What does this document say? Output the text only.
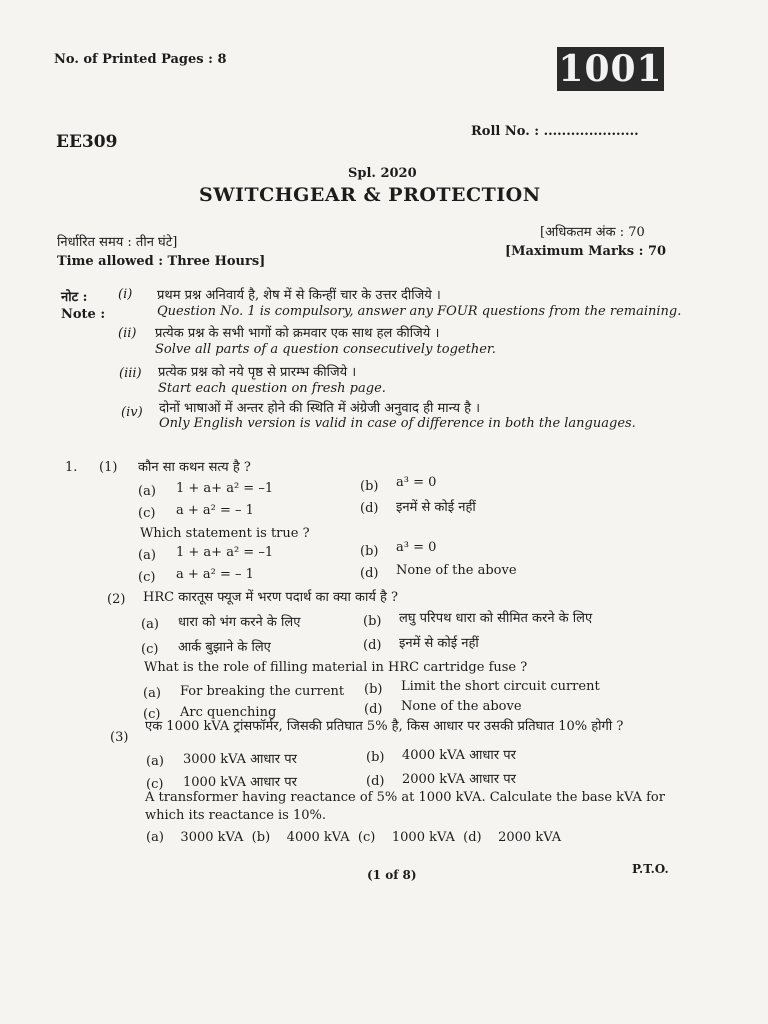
No. of Printed Pages : 8	1001
EE309
Roll No. : .....................
Spl. 2020
SWITCHGEAR & PROTECTION
निर्धारित समय : तीन घंटे]
Time allowed : Three Hours]
[अधिकतम अंक : 70
[Maximum Marks : 70
नोट :
Note :
(i) प्रथम प्रश्न अनिवार्य है, शेष में से किन्हीं चार के उत्तर दीजिये ।
Question No. 1 is compulsory, answer any FOUR questions from the remaining.
(ii) प्रत्येक प्रश्न के सभी भागों को क्रमवार एक साथ हल कीजिये ।
Solve all parts of a question consecutively together.
(iii) प्रत्येक प्रश्न को नये पृष्ठ से प्रारम्भ कीजिये ।
Start each question on fresh page.
(iv) दोनों भाषाओं में अन्तर होने की स्थिति में अंग्रेजी अनुवाद ही मान्य है ।
Only English version is valid in case of difference in both the languages.
1. (1) कौन सा कथन सत्य है ?
(a) 1 + a+ a² = –1	(b) a³ = 0
(c) a + a² = – 1	(d) इनमें से कोई नहीं
Which statement is true ?
(a) 1 + a+ a² = –1	(b) a³ = 0
(c) a + a² = – 1	(d) None of the above
(2) HRC कारतूस फ्यूज में भरण पदार्थ का क्या कार्य है ?
(a) धारा को भंग करने के लिए	(b) लघु परिपथ धारा को सीमित करने के लिए
(c) आर्क बुझाने के लिए	(d) इनमें से कोई नहीं
What is the role of filling material in HRC cartridge fuse ?
(a) For breaking the current (b) Limit the short circuit current
(c) Arc quenching	(d) None of the above
(3)
एक 1000 kVA ट्रांसफॉर्मर, जिसकी प्रतिघात 5% है, किस आधार पर उसकी प्रतिघात 10% होगी ?
(a) 3000 kVA आधार पर	(b) 4000 kVA आधार पर
(c) 1000 kVA आधार पर	(d) 2000 kVA आधार पर
A transformer having reactance of 5% at 1000 kVA. Calculate the base kVA for
which its reactance is 10%.
(a)    3000 kVA  (b)    4000 kVA  (c)    1000 kVA  (d)    2000 kVA
(1 of 8)	P.T.O.
